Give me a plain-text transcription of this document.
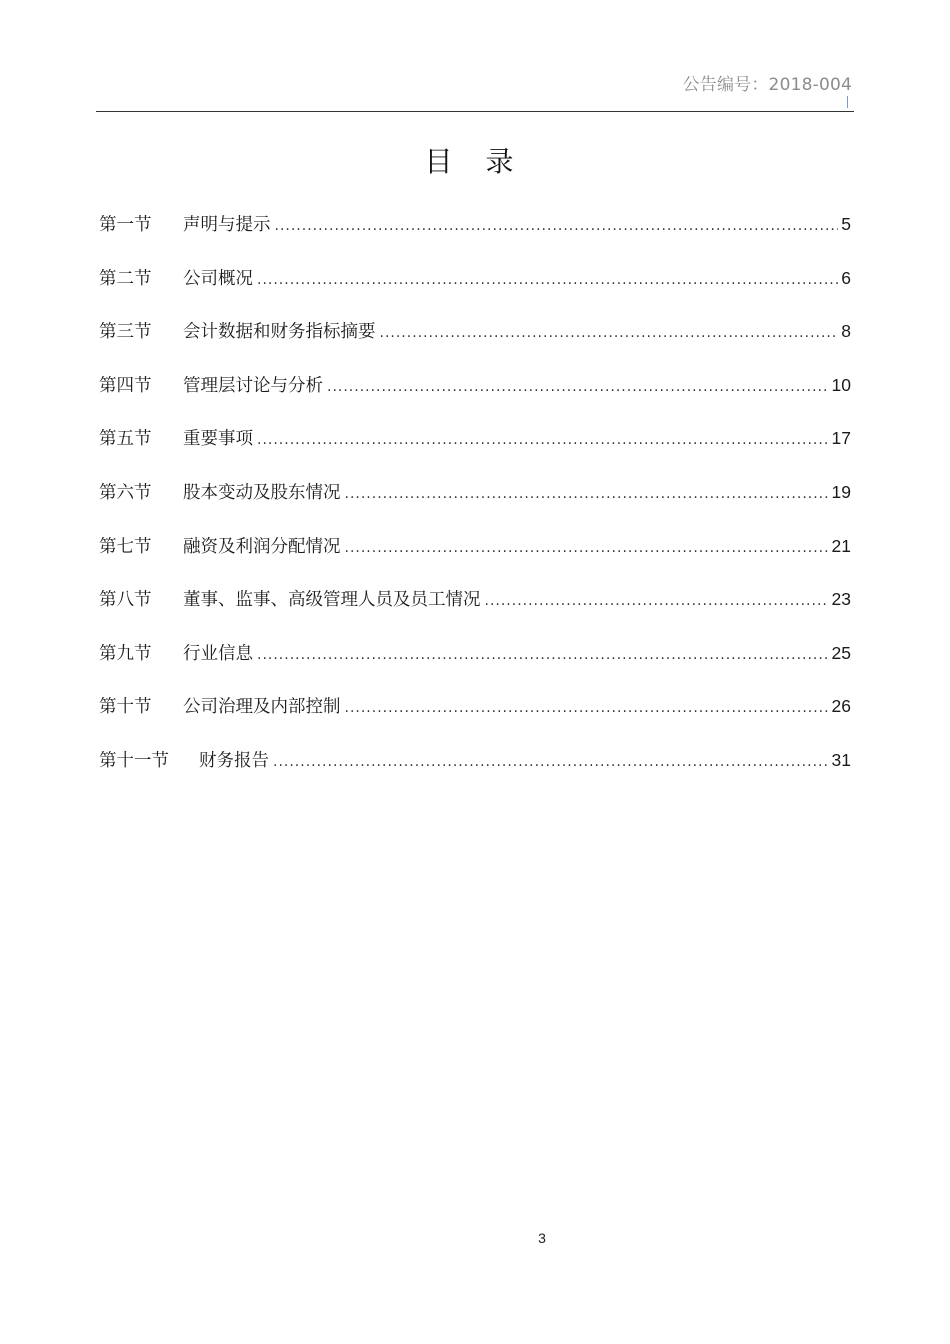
公告编号：2018-004
目 录
第一节	声明与提示 .....	5
第二节	公司概况 .....	6
第三节	会计数据和财务指标摘要 .....	8
第四节	管理层讨论与分析 .....	10
第五节	重要事项 .....	17
第六节	股本变动及股东情况 .....	19
第七节	融资及利润分配情况 .....	21
第八节	董事、监事、高级管理人员及员工情况 .....	23
第九节	行业信息 .....	25
第十节	公司治理及内部控制 .....	26
第十一节	财务报告 .....	31
3
